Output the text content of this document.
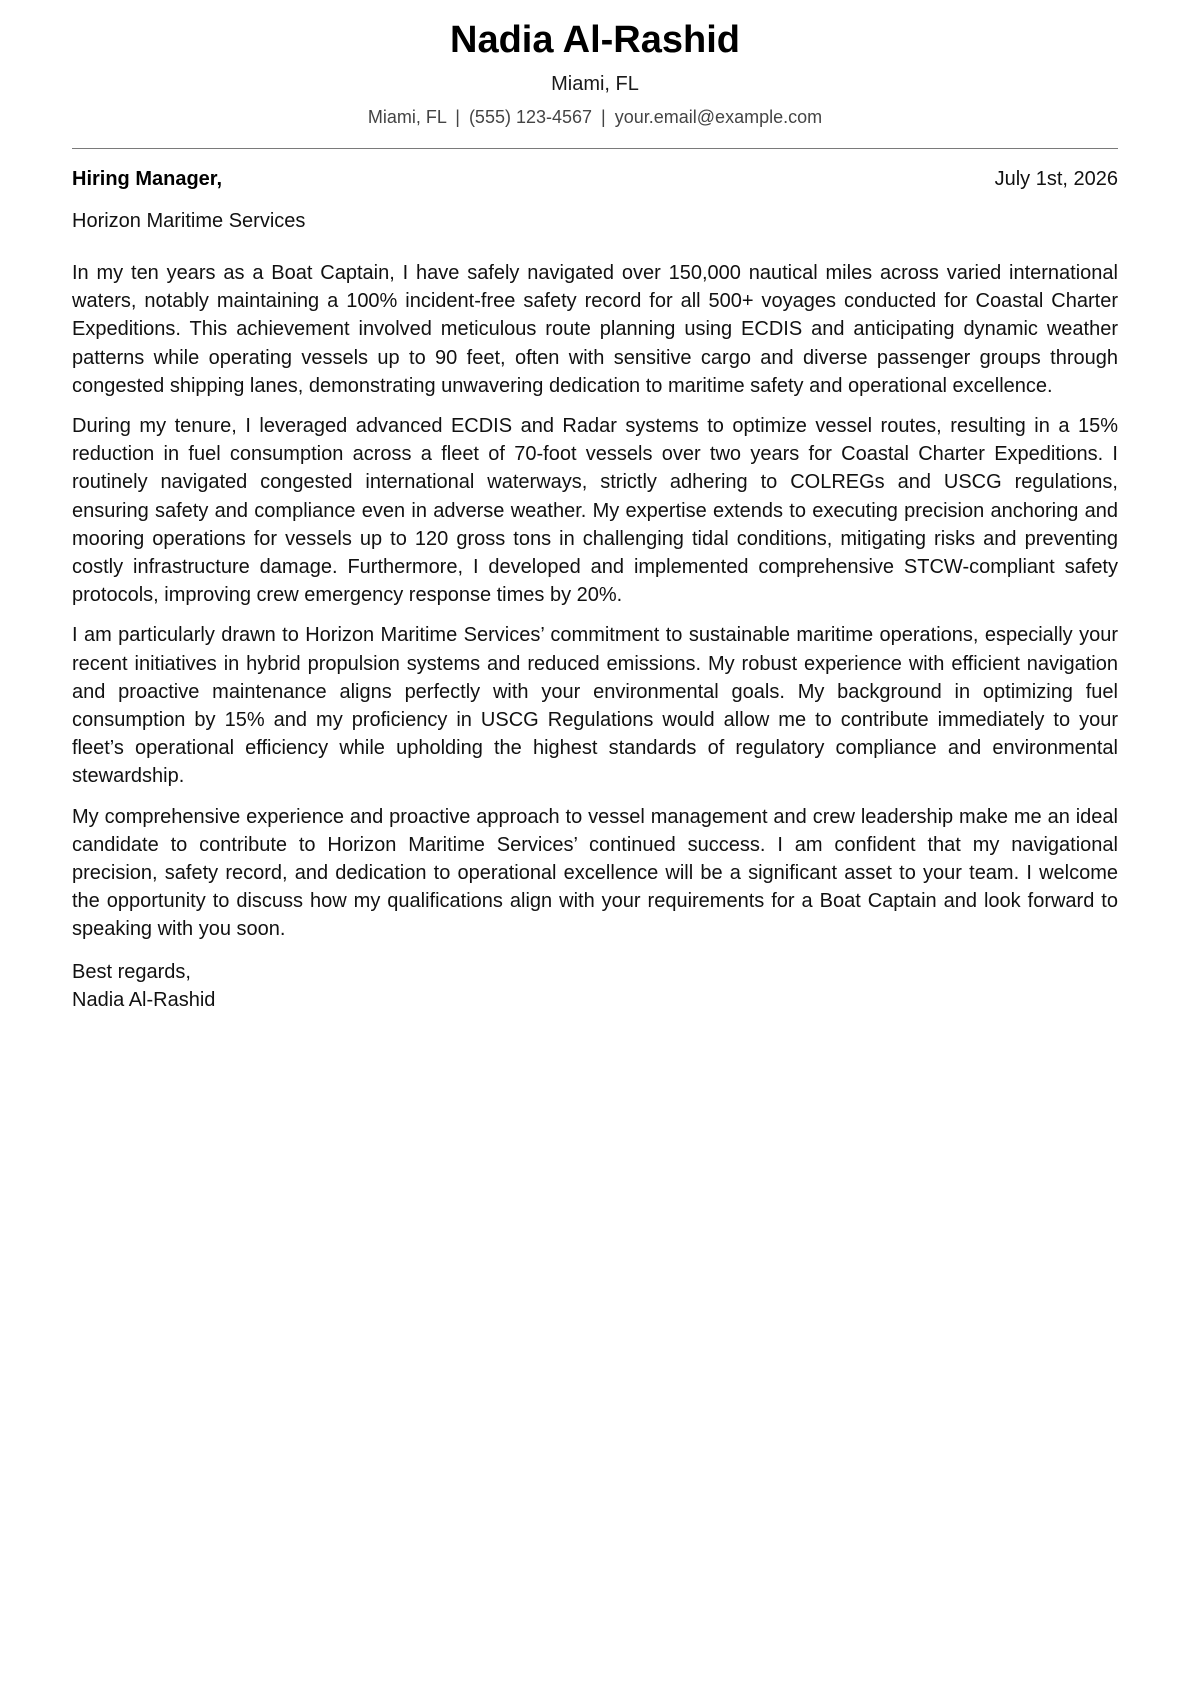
Nadia Al-Rashid
Miami, FL
Miami, FL | (555) 123-4567 | your.email@example.com
Hiring Manager,	July 1st, 2026
Horizon Maritime Services

In my ten years as a Boat Captain, I have safely navigated over 150,000 nautical miles across varied international waters, notably maintaining a 100% incident-free safety record for all 500+ voyages conducted for Coastal Charter Expeditions. This achievement involved meticulous route planning using ECDIS and anticipating dynamic weather patterns while operating vessels up to 90 feet, often with sensitive cargo and diverse passenger groups through congested shipping lanes, demonstrating unwavering dedication to maritime safety and operational excellence.

During my tenure, I leveraged advanced ECDIS and Radar systems to optimize vessel routes, resulting in a 15% reduction in fuel consumption across a fleet of 70-foot vessels over two years for Coastal Charter Expeditions. I routinely navigated congested international waterways, strictly adhering to COLREGs and USCG regulations, ensuring safety and compliance even in adverse weather. My expertise extends to executing precision anchoring and mooring operations for vessels up to 120 gross tons in challenging tidal conditions, mitigating risks and preventing costly infrastructure damage. Furthermore, I developed and implemented comprehensive STCW-compliant safety protocols, improving crew emergency response times by 20%.

I am particularly drawn to Horizon Maritime Services’ commitment to sustainable maritime operations, especially your recent initiatives in hybrid propulsion systems and reduced emissions. My robust experience with efficient navigation and proactive maintenance aligns perfectly with your environmental goals. My background in optimizing fuel consumption by 15% and my proficiency in USCG Regulations would allow me to contribute immediately to your fleet’s operational efficiency while upholding the highest standards of regulatory compliance and environmental stewardship.

My comprehensive experience and proactive approach to vessel management and crew leadership make me an ideal candidate to contribute to Horizon Maritime Services’ continued success. I am confident that my navigational precision, safety record, and dedication to operational excellence will be a significant asset to your team. I welcome the opportunity to discuss how my qualifications align with your requirements for a Boat Captain and look forward to speaking with you soon.

Best regards,
Nadia Al-Rashid
